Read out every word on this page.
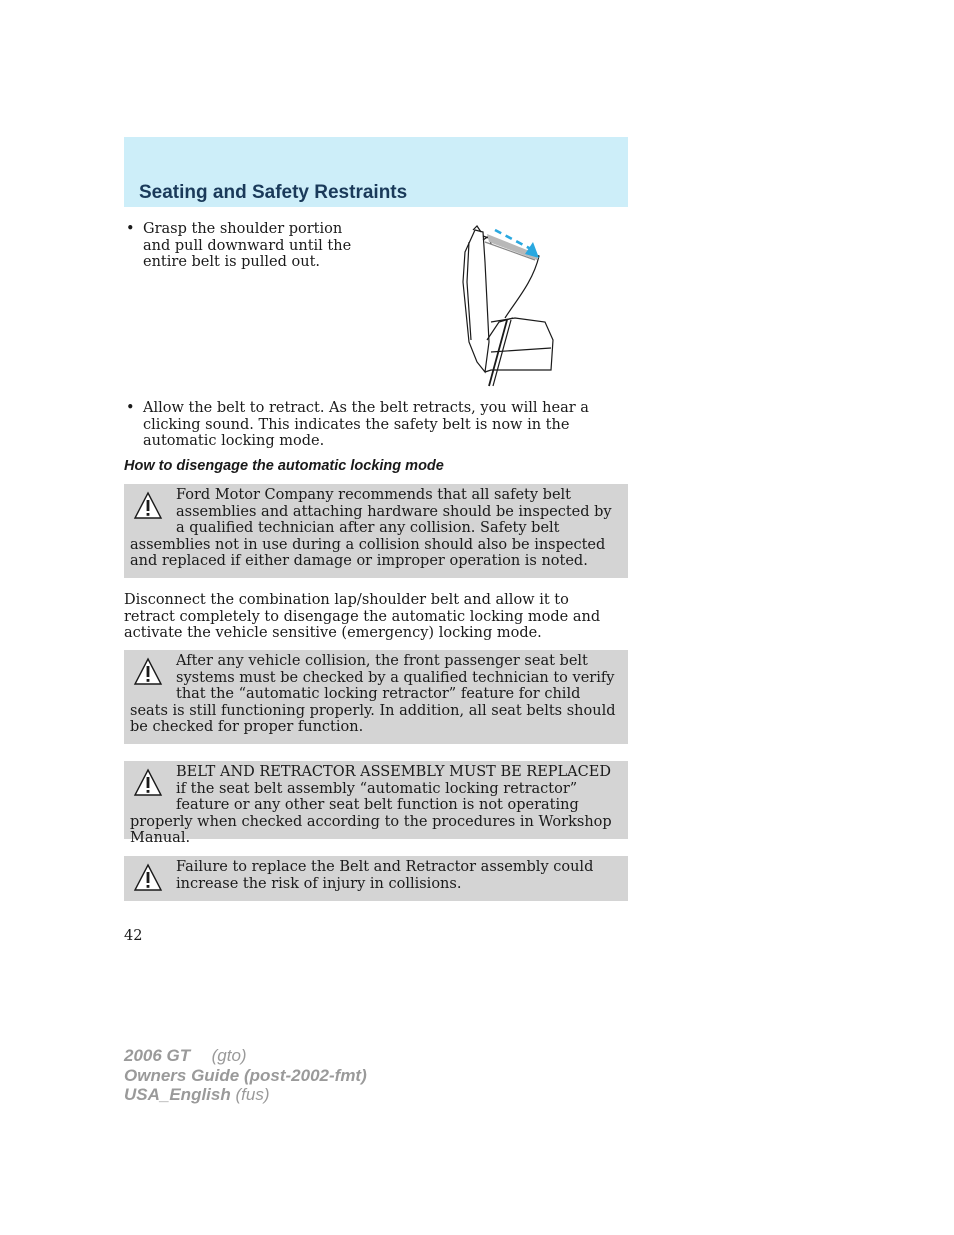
Seating and Safety Restraints
• Grasp the shoulder portion and pull downward until the entire belt is pulled out.
• Allow the belt to retract. As the belt retracts, you will hear a clicking sound. This indicates the safety belt is now in the automatic locking mode.
How to disengage the automatic locking mode
Ford Motor Company recommends that all safety belt assemblies and attaching hardware should be inspected by a qualified technician after any collision. Safety belt assemblies not in use during a collision should also be inspected and replaced if either damage or improper operation is noted.
Disconnect the combination lap/shoulder belt and allow it to retract completely to disengage the automatic locking mode and activate the vehicle sensitive (emergency) locking mode.
After any vehicle collision, the front passenger seat belt systems must be checked by a qualified technician to verify that the “automatic locking retractor” feature for child seats is still functioning properly. In addition, all seat belts should be checked for proper function.
BELT AND RETRACTOR ASSEMBLY MUST BE REPLACED if the seat belt assembly “automatic locking retractor” feature or any other seat belt function is not operating properly when checked according to the procedures in Workshop Manual.
Failure to replace the Belt and Retractor assembly could increase the risk of injury in collisions.
42
2006 GT (gto)
Owners Guide (post-2002-fmt)
USA_English (fus)
